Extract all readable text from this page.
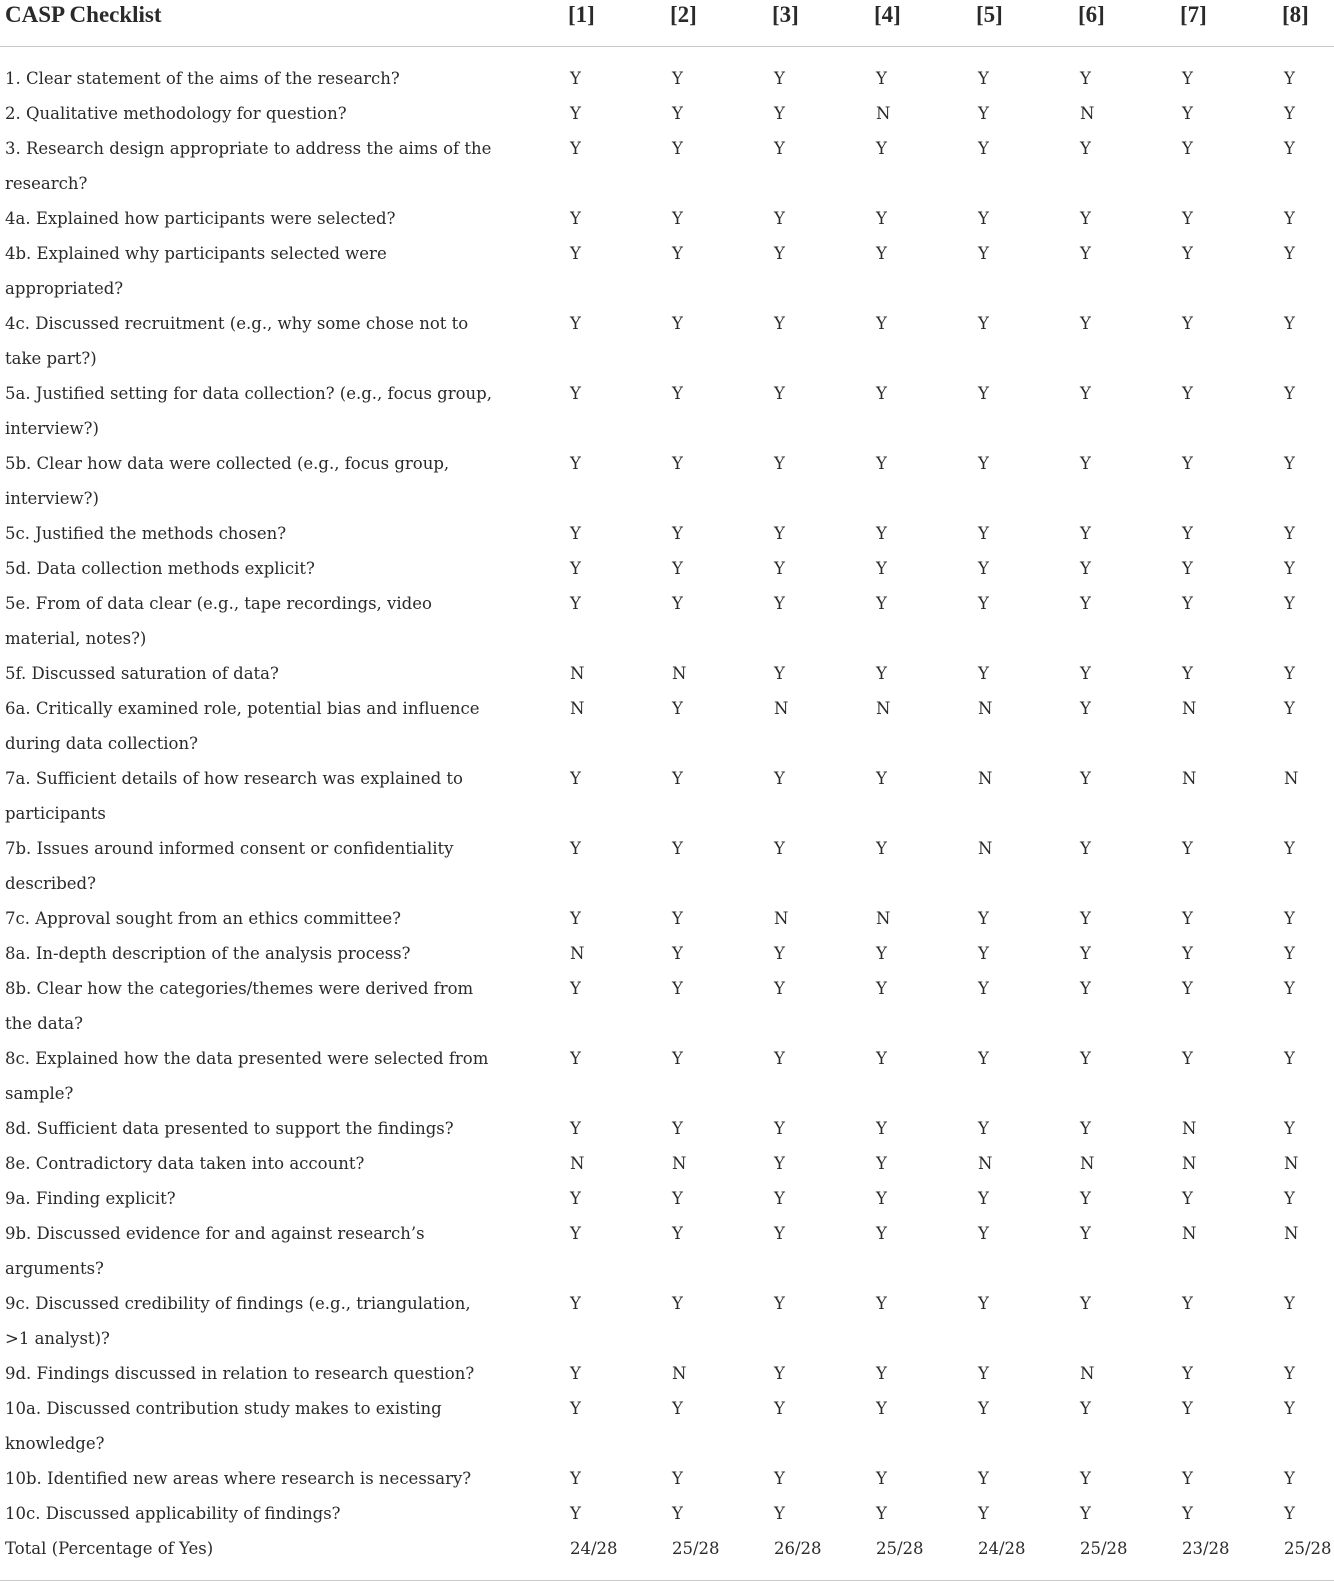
CASP Checklist	[1]	[2]	[3]	[4]	[5]	[6]	[7]	[8]

1. Clear statement of the aims of the research?	Y	Y	Y	Y	Y	Y	Y	Y

2. Qualitative methodology for question?	Y	Y	Y	N	Y	N	Y	Y

3. Research design appropriate to address the aims of the research?	Y	Y	Y	Y	Y	Y	Y	Y

4a. Explained how participants were selected?	Y	Y	Y	Y	Y	Y	Y	Y

4b. Explained why participants selected were appropriated?	Y	Y	Y	Y	Y	Y	Y	Y

4c. Discussed recruitment (e.g., why some chose not to take part?)	Y	Y	Y	Y	Y	Y	Y	Y

5a. Justified setting for data collection? (e.g., focus group, interview?)	Y	Y	Y	Y	Y	Y	Y	Y

5b. Clear how data were collected (e.g., focus group, interview?)	Y	Y	Y	Y	Y	Y	Y	Y

5c. Justified the methods chosen?	Y	Y	Y	Y	Y	Y	Y	Y

5d. Data collection methods explicit?	Y	Y	Y	Y	Y	Y	Y	Y

5e. From of data clear (e.g., tape recordings, video material, notes?)	Y	Y	Y	Y	Y	Y	Y	Y

5f. Discussed saturation of data?	N	N	Y	Y	Y	Y	Y	Y

6a. Critically examined role, potential bias and influence during data collection?	N	Y	N	N	N	Y	N	Y

7a. Sufficient details of how research was explained to participants	Y	Y	Y	Y	N	Y	N	N

7b. Issues around informed consent or confidentiality described?	Y	Y	Y	Y	N	Y	Y	Y

7c. Approval sought from an ethics committee?	Y	Y	N	N	Y	Y	Y	Y

8a. In-depth description of the analysis process?	N	Y	Y	Y	Y	Y	Y	Y

8b. Clear how the categories/themes were derived from the data?	Y	Y	Y	Y	Y	Y	Y	Y

8c. Explained how the data presented were selected from sample?	Y	Y	Y	Y	Y	Y	Y	Y

8d. Sufficient data presented to support the findings?	Y	Y	Y	Y	Y	Y	N	Y

8e. Contradictory data taken into account?	N	N	Y	Y	N	N	N	N

9a. Finding explicit?	Y	Y	Y	Y	Y	Y	Y	Y

9b. Discussed evidence for and against research’s arguments?	Y	Y	Y	Y	Y	Y	N	N

9c. Discussed credibility of findings (e.g., triangulation, >1 analyst)?	Y	Y	Y	Y	Y	Y	Y	Y

9d. Findings discussed in relation to research question?	Y	N	Y	Y	Y	N	Y	Y

10a. Discussed contribution study makes to existing knowledge?	Y	Y	Y	Y	Y	Y	Y	Y

10b. Identified new areas where research is necessary?	Y	Y	Y	Y	Y	Y	Y	Y

10c. Discussed applicability of findings?	Y	Y	Y	Y	Y	Y	Y	Y
Total (Percentage of Yes)	24/28	25/28	26/28	25/28	24/28	25/28	23/28	25/28
